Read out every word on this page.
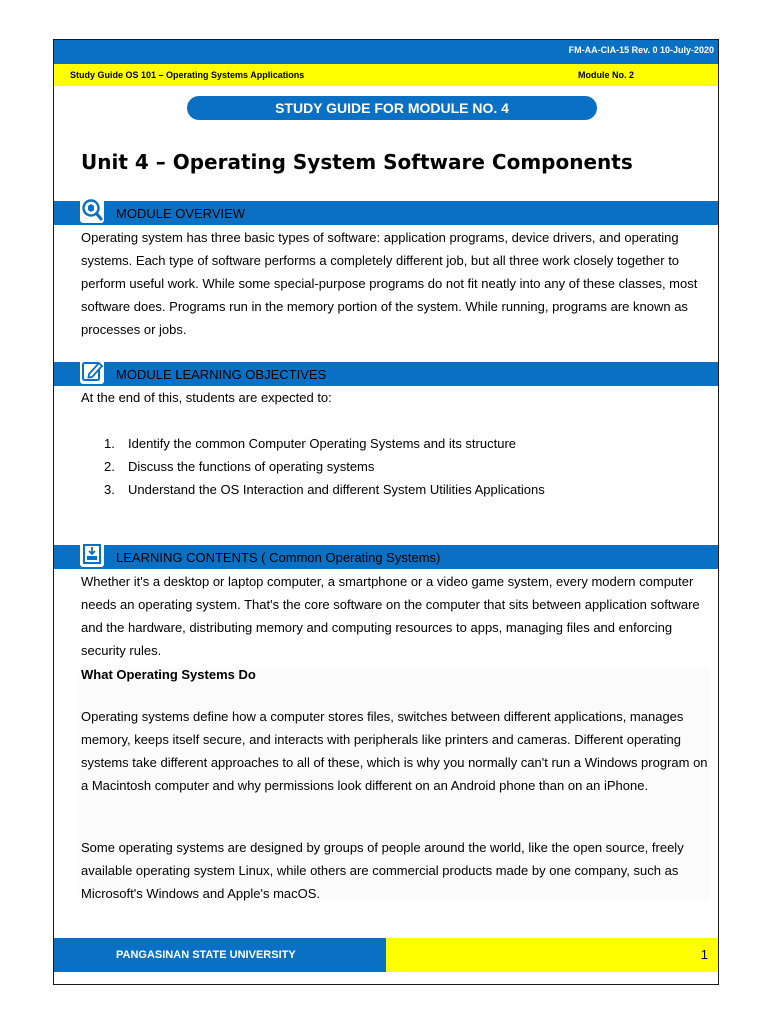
FM-AA-CIA-15 Rev. 0 10-July-2020
Study Guide OS 101 – Operating Systems Applications	Module No. 2
STUDY GUIDE FOR MODULE NO. 4
Unit 4 – Operating System Software Components
MODULE OVERVIEW

Operating system has three basic types of software: application programs, device drivers, and operating systems. Each type of software performs a completely different job, but all three work closely together to perform useful work. While some special-purpose programs do not fit neatly into any of these classes, most software does. Programs run in the memory portion of the system. While running, programs are known as processes or jobs.

MODULE LEARNING OBJECTIVES

At the end of this, students are expected to:

1.	Identify the common Computer Operating Systems and its structure
2.	Discuss the functions of operating systems
3.	Understand the OS Interaction and different System Utilities Applications
LEARNING CONTENTS ( Common Operating Systems)

Whether it's a desktop or laptop computer, a smartphone or a video game system, every modern computer needs an operating system. That's the core software on the computer that sits between application software and the hardware, distributing memory and computing resources to apps, managing files and enforcing security rules.

What Operating Systems Do

Operating systems define how a computer stores files, switches between different applications, manages memory, keeps itself secure, and interacts with peripherals like printers and cameras. Different operating systems take different approaches to all of these, which is why you normally can't run a Windows program on a Macintosh computer and why permissions look different on an Android phone than on an iPhone.

Some operating systems are designed by groups of people around the world, like the open source, freely available operating system Linux, while others are commercial products made by one company, such as Microsoft's Windows and Apple's macOS.

PANGASINAN STATE UNIVERSITY	1
